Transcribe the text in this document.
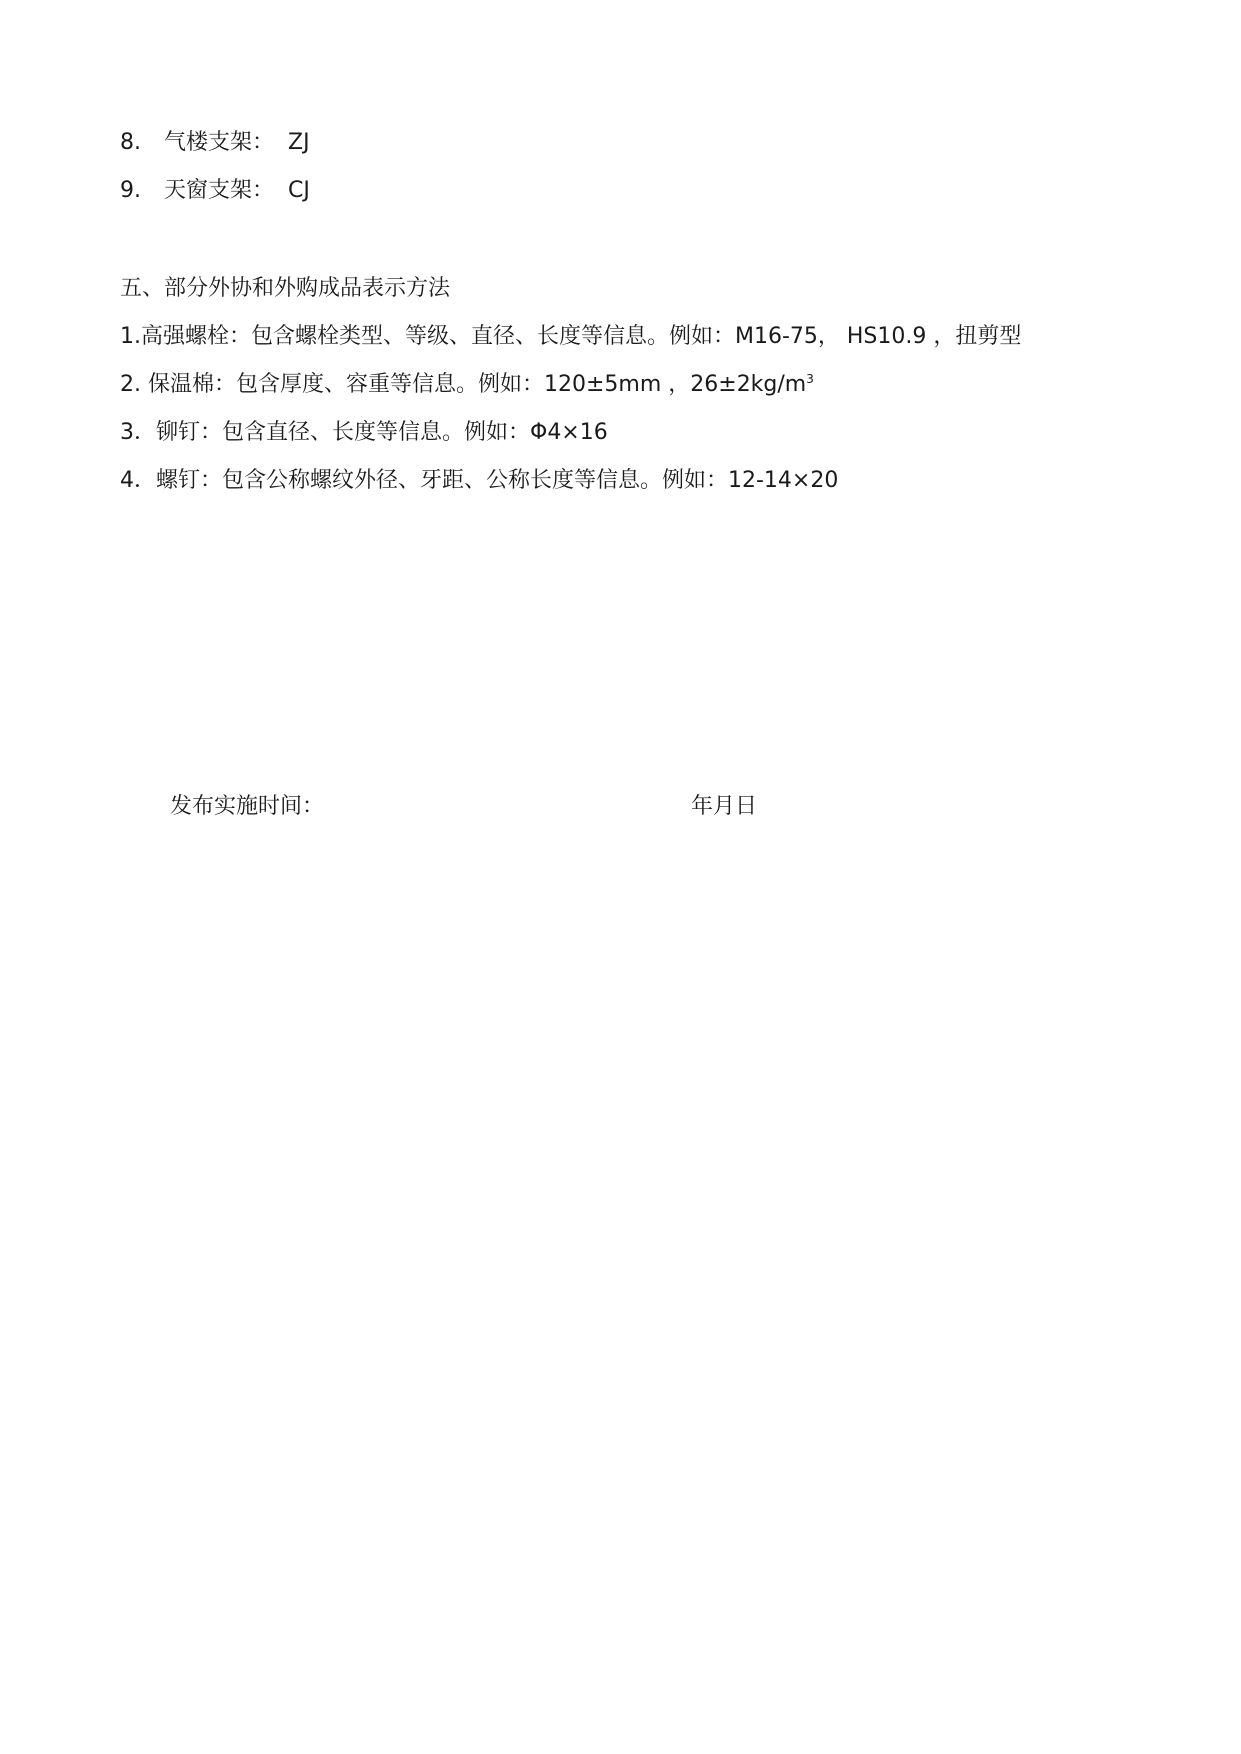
8. 气楼支架： ZJ
9. 天窗支架： CJ
五、部分外协和外购成品表示方法
1.高强螺栓：包含螺栓类型、等级、直径、长度等信息。例如：M16-75， HS10.9 ，扭剪型
2. 保温棉：包含厚度、容重等信息。例如：120±5mm ，$26\pm 2kg/m^3$
3．铆钉：包含直径、长度等信息。例如：Φ4×16
4．螺钉：包含公称螺纹外径、牙距、公称长度等信息。例如：12-14×20
发布实施时间：	年月日
